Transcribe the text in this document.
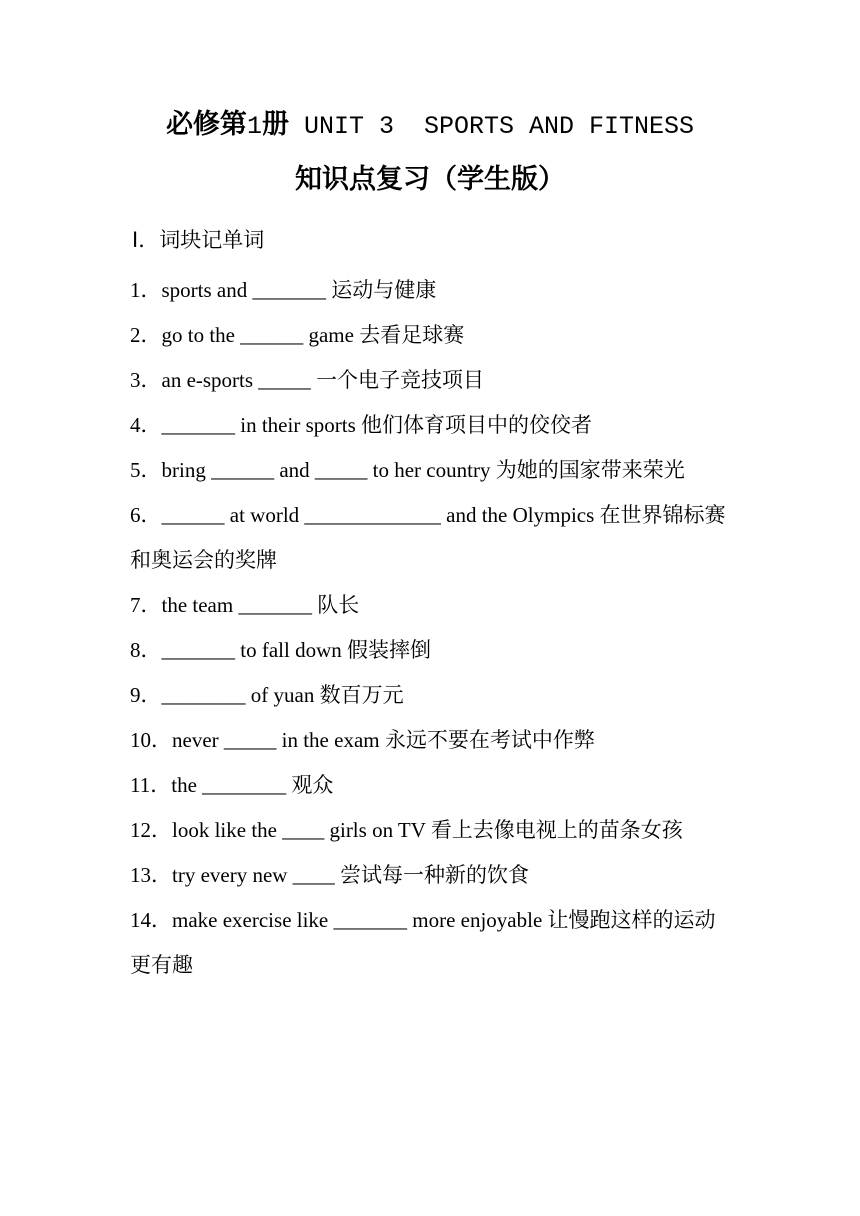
必修第1册 UNIT 3  SPORTS AND FITNESS
知识点复习（学生版）
Ⅰ．词块记单词
1．sports and _______ 运动与健康
2．go to the ______ game 去看足球赛
3．an e-sports _____ 一个电子竞技项目
4．_______ in their sports 他们体育项目中的佼佼者
5．bring ______ and _____ to her country 为她的国家带来荣光
6．______ at world _____________ and the Olympics 在世界锦标赛和奥运会的奖牌
7．the team _______ 队长
8．_______ to fall down 假装摔倒
9．________ of yuan 数百万元
10．never _____ in the exam 永远不要在考试中作弊
11．the ________ 观众
12．look like the ____ girls on TV 看上去像电视上的苗条女孩
13．try every new ____ 尝试每一种新的饮食
14．make exercise like _______ more enjoyable 让慢跑这样的运动更有趣
